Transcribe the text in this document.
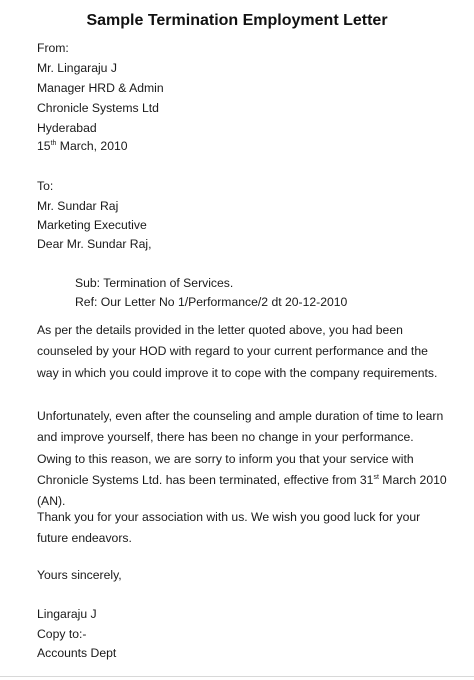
Sample Termination Employment Letter
From:
Mr. Lingaraju J
Manager HRD & Admin
Chronicle Systems Ltd
Hyderabad
15th March, 2010
To:
Mr. Sundar Raj
Marketing Executive
Dear Mr. Sundar Raj,
Sub: Termination of Services.
Ref: Our Letter No 1/Performance/2 dt 20-12-2010
As per the details provided in the letter quoted above, you had been counseled by your HOD with regard to your current performance and the way in which you could improve it to cope with the company requirements.
Unfortunately, even after the counseling and ample duration of time to learn and improve yourself, there has been no change in your performance. Owing to this reason, we are sorry to inform you that your service with Chronicle Systems Ltd. has been terminated, effective from 31st March 2010 (AN).
Thank you for your association with us. We wish you good luck for your future endeavors.
Yours sincerely,
Lingaraju J
Copy to:-
Accounts Dept
